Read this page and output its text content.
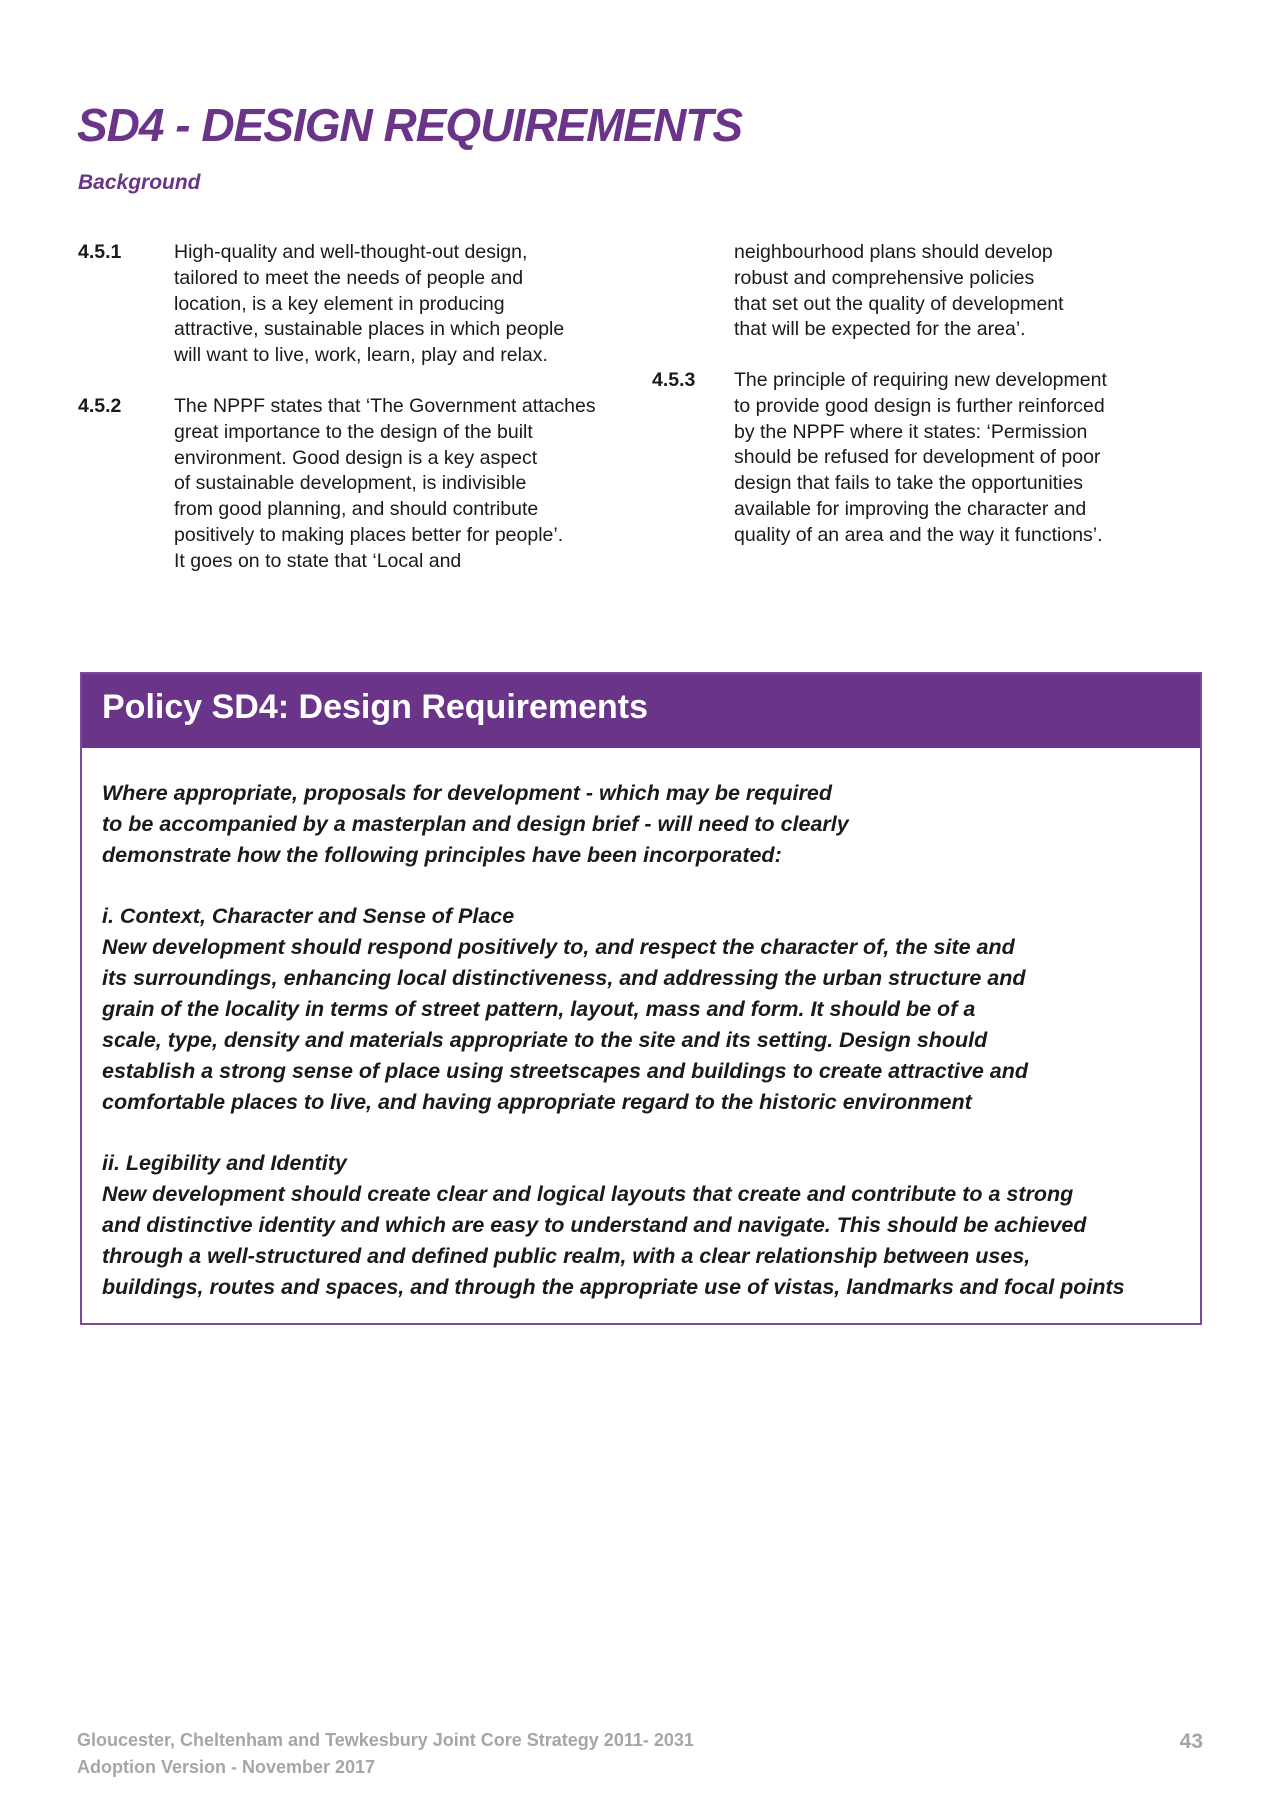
SD4 - DESIGN REQUIREMENTS
Background
4.5.1	High-quality and well-thought-out design,
tailored to meet the needs of people and
location, is a key element in producing
attractive, sustainable places in which people
will want to live, work, learn, play and relax.
4.5.2	The NPPF states that ‘The Government attaches
great importance to the design of the built
environment. Good design is a key aspect
of sustainable development, is indivisible
from good planning, and should contribute
positively to making places better for people’.
It goes on to state that ‘Local and
neighbourhood plans should develop
robust and comprehensive policies
that set out the quality of development
that will be expected for the area’.
4.5.3 The principle of requiring new development
to provide good design is further reinforced
by the NPPF where it states: ‘Permission
should be refused for development of poor
design that fails to take the opportunities
available for improving the character and
quality of an area and the way it functions’.
Policy SD4: Design Requirements
Where appropriate, proposals for development - which may be required
to be accompanied by a masterplan and design brief - will need to clearly
demonstrate how the following principles have been incorporated:
i. Context, Character and Sense of Place
New development should respond positively to, and respect the character of, the site and
its surroundings, enhancing local distinctiveness, and addressing the urban structure and
grain of the locality in terms of street pattern, layout, mass and form. It should be of a
scale, type, density and materials appropriate to the site and its setting. Design should
establish a strong sense of place using streetscapes and buildings to create attractive and
comfortable places to live, and having appropriate regard to the historic environment
ii. Legibility and Identity
New development should create clear and logical layouts that create and contribute to a strong
and distinctive identity and which are easy to understand and navigate. This should be achieved
through a well-structured and defined public realm, with a clear relationship between uses,
buildings, routes and spaces, and through the appropriate use of vistas, landmarks and focal points
Gloucester, Cheltenham and Tewkesbury Joint Core Strategy 2011- 2031
Adoption Version - November 2017
43
